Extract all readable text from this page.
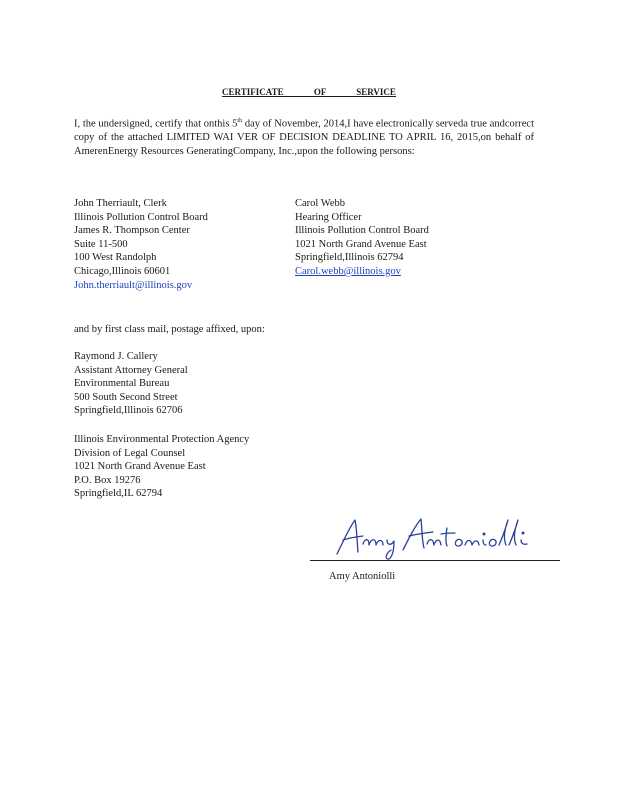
CERTIFICATE OF SERVICE

I, the undersigned, certify that onthis 5th day of November, 2014,I have electronically serveda true andcorrect copy of the attached LIMITED WAI VER OF DECISION DEADLINE TO APRIL 16, 2015,on behalf of AmerenEnergy Resources GeneratingCompany, Inc.,upon the following persons:

John Therriault, Clerk
Illinois Pollution Control Board
James R. Thompson Center
Suite 11-500
100 West Randolph
Chicago,Illinois 60601
John.therriault@illinois.gov
Carol Webb
Hearing Officer
Illinois Pollution Control Board
1021 North Grand Avenue East
Springfield,Illinois 62794
Carol.webb@illinois.gov
and by first class mail, postage affixed, upon:
Raymond J. Callery
Assistant Attorney General
Environmental Bureau
500 South Second Street
Springfield,Illinois 62706
Illinois Environmental Protection Agency
Division of Legal Counsel
1021 North Grand Avenue East
P.O. Box 19276
Springfield,IL 62794
Amy Antoniolli
